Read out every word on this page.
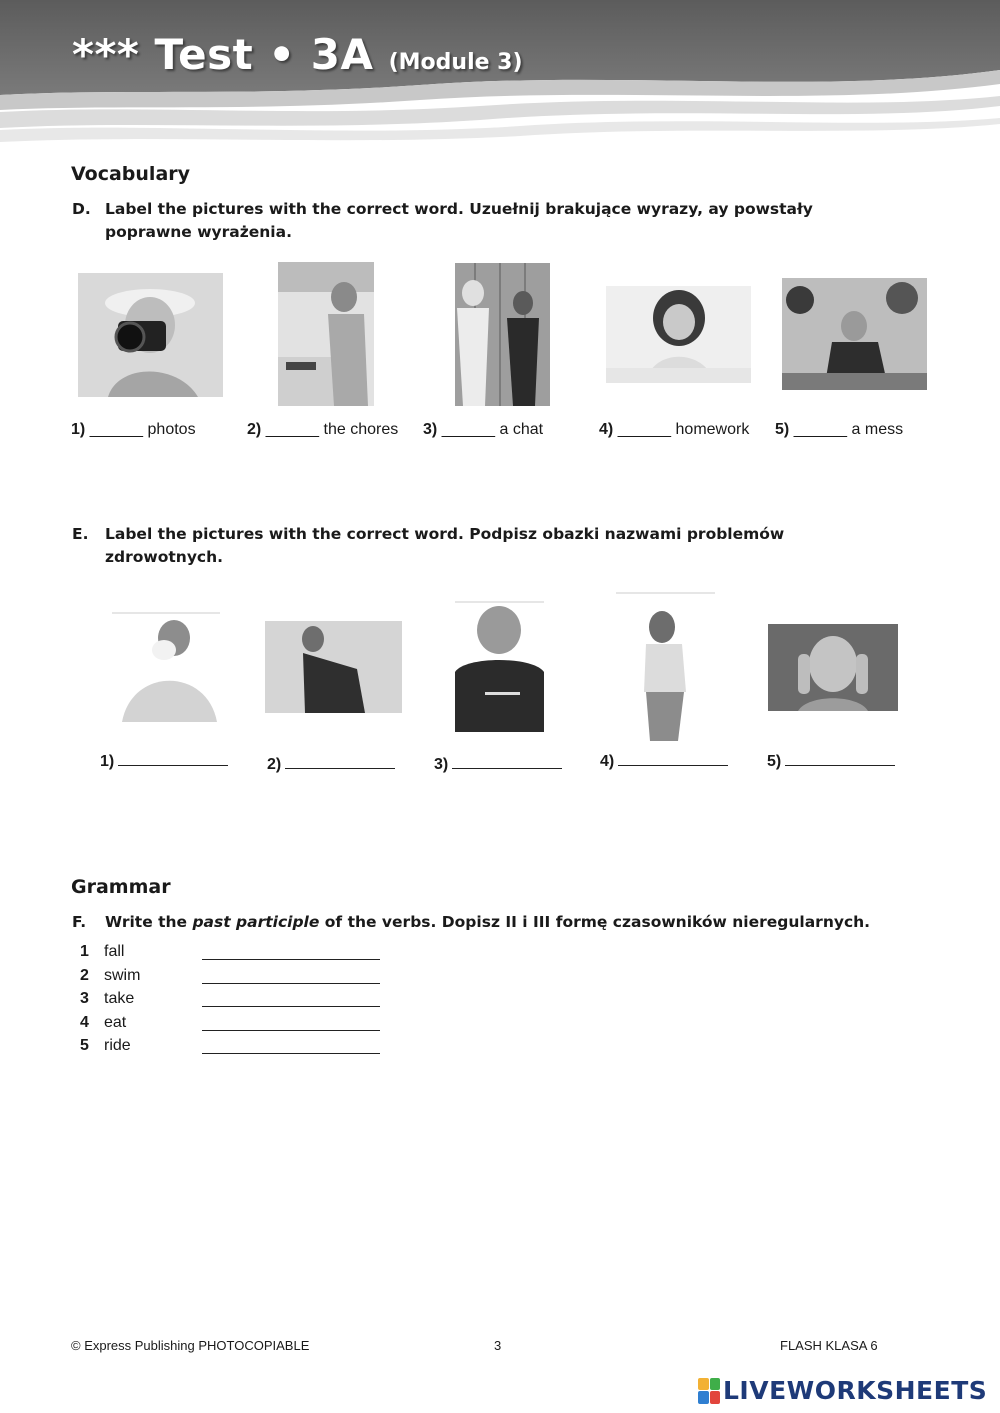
*** Test • 3A (Module 3)
Vocabulary
D. Label the pictures with the correct word. Uzuełnij brakujące wyrazy, ay powstały poprawne wyrażenia.
1) ______ photos	2) ______ the chores 3) ______ a chat	4) ______ homework 5) ______ a mess
E. Label the pictures with the correct word. Podpisz obazki nazwami problemów zdrowotnych.
1)	2)	3)	4)	5)
Grammar
F. Write the past participle of the verbs. Dopisz II i III formę czasowników nieregularnych.
1 fall
2 swim
3 take
4 eat
5 ride
© Express Publishing PHOTOCOPIABLE	3	FLASH KLASA 6
LIVEWORKSHEETS
